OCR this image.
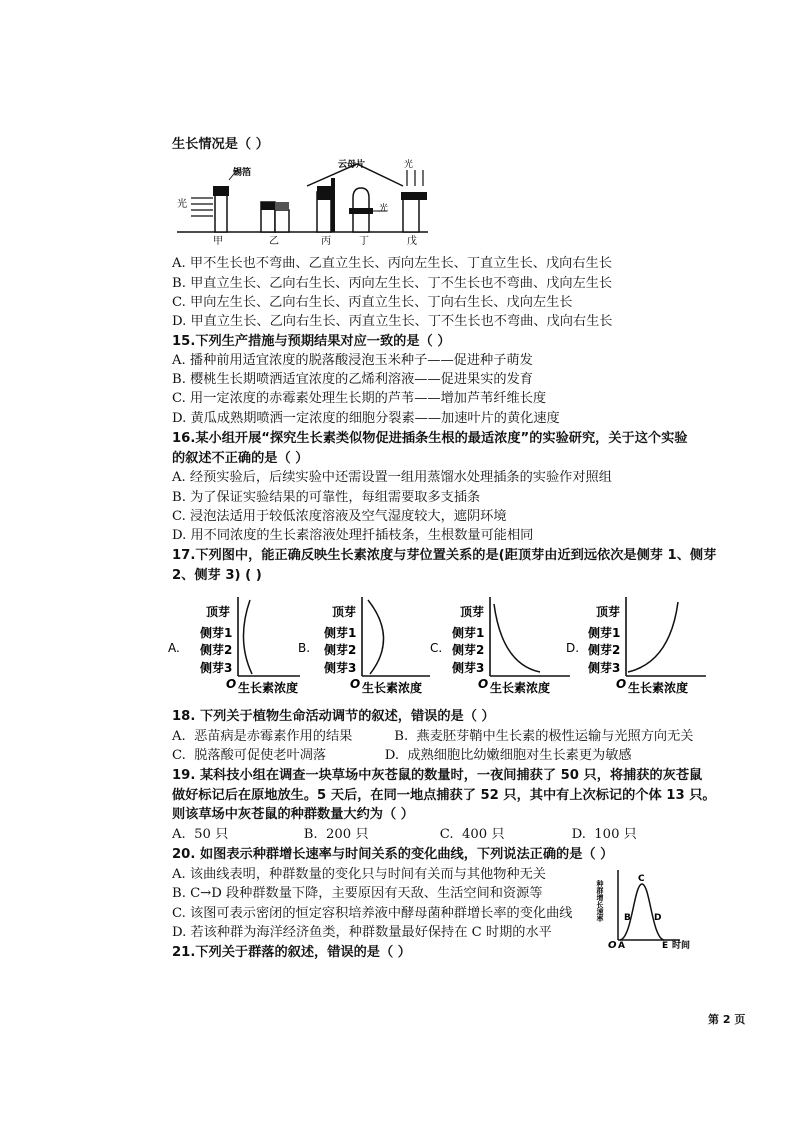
生长情况是（ ）
光
锡箔
云母片
光
光
甲	乙	丙	丁	戊
A. 甲不生长也不弯曲、乙直立生长、丙向左生长、丁直立生长、戊向右生长
B. 甲直立生长、乙向右生长、丙向左生长、丁不生长也不弯曲、戊向左生长
C. 甲向左生长、乙向右生长、丙直立生长、丁向右生长、戊向左生长
D. 甲直立生长、乙向右生长、丙直立生长、丁不生长也不弯曲、戊向右生长
15.下列生产措施与预期结果对应一致的是（ ）
A. 播种前用适宜浓度的脱落酸浸泡玉米种子——促进种子萌发
B. 樱桃生长期喷洒适宜浓度的乙烯利溶液——促进果实的发育
C. 用一定浓度的赤霉素处理生长期的芦苇——增加芦苇纤维长度
D. 黄瓜成熟期喷洒一定浓度的细胞分裂素——加速叶片的黄化速度
16.某小组开展“探究生长素类似物促进插条生根的最适浓度”的实验研究，关于这个实验
的叙述不正确的是（ ）
A. 经预实验后，后续实验中还需设置一组用蒸馏水处理插条的实验作对照组
B. 为了保证实验结果的可靠性，每组需要取多支插条
C. 浸泡法适用于较低浓度溶液及空气湿度较大，遮阴环境
D. 用不同浓度的生长素溶液处理扦插枝条，生根数量可能相同
17.下列图中，能正确反映生长素浓度与芽位置关系的是(距顶芽由近到远依次是侧芽 1、侧芽
2、侧芽 3) ( )
A.
顶芽
侧芽1
侧芽2
侧芽3
O 生长素浓度
B.
顶芽
侧芽1
侧芽2
侧芽3
O 生长素浓度
C.
顶芽
侧芽1
侧芽2
侧芽3
O 生长素浓度
D.
顶芽
侧芽1
侧芽2
侧芽3
O 生长素浓度
18. 下列关于植物生命活动调节的叙述，错误的是（ ）
A.  恶苗病是赤霉素作用的结果          B.  燕麦胚芽鞘中生长素的极性运输与光照方向无关
C.  脱落酸可促使老叶凋落              D.  成熟细胞比幼嫩细胞对生长素更为敏感
19. 某科技小组在调查一块草场中灰苍鼠的数量时，一夜间捕获了 50 只，将捕获的灰苍鼠
做好标记后在原地放生。5 天后，在同一地点捕获了 52 只，其中有上次标记的个体 13 只。
则该草场中灰苍鼠的种群数量大约为（ ）
A.  50 只                  B.  200 只                 C.  400 只                D.  100 只
20. 如图表示种群增长速率与时间关系的变化曲线，下列说法正确的是（ ）
A. 该曲线表明，种群数量的变化只与时间有关而与其他物种无关
B. C→D 段种群数量下降，主要原因有天敌、生活空间和资源等
C. 该图可表示密闭的恒定容积培养液中酵母菌种群增长率的变化曲线
D. 若该种群为海洋经济鱼类，种群数量最好保持在 C 时期的水平
种群增长速率
O A
B
C
D
E 时间
21.下列关于群落的叙述，错误的是（ ）
第 2 页
